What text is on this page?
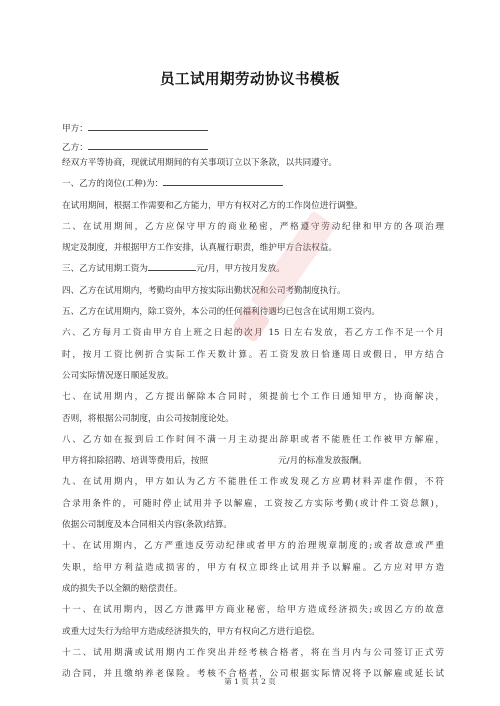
员工试用期劳动协议书模板
甲方：
乙方：
经双方平等协商，现就试用期间的有关事项订立以下条款，以共同遵守。
一、乙方的岗位(工种)为：
在试用期间，根据工作需要和乙方能力，甲方有权对乙方的工作岗位进行调整。
二、在试用期间，乙方应保守甲方的商业秘密，严格遵守劳动纪律和甲方的各项治理
规定及制度，并根据甲方工作安排，认真履行职责，维护甲方合法权益。
三、乙方试用期工资为	元/月，甲方按月发放。
四、乙方在试用期内，考勤均由甲方按实际出勤状况和公司考勤制度执行。
五、乙方在试用期内，除工资外，本公司的任何福利待遇均已包含在试用期工资内。
六、乙方每月工资由甲方自上班之日起的次月 15 日左右发放，若乙方工作不足一个月
时，按月工资比例折合实际工作天数计算。若工资发放日恰逢周日或假日，甲方结合
公司实际情况逐日顺延发放。
七、在试用期内，乙方提出解除本合同时，须提前七个工作日通知甲方，协商解决，
否则，将根据公司制度，由公司按制度论处。
八、乙方如在报到后工作时间不满一月主动提出辞职或者不能胜任工作被甲方解雇，
甲方将扣除招聘、培训等费用后，按照	元/月的标准发放报酬。
九、在试用期内，甲方如认为乙方不能胜任工作或发现乙方应聘材料弄虚作假，不符
合录用条件的，可随时停止试用并予以解雇，工资按乙方实际考勤(或计件工资总额)，
依据公司制度及本合同相关内容(条款)结算。
十、在试用期内，乙方严重违反劳动纪律或者甲方的治理规章制度的;或者故意或严重
失职，给甲方利益造成损害的，甲方有权立即终止试用并予以解雇。乙方应对甲方造
成的损失予以全额的赔偿责任。
十一、在试用期内，因乙方泄露甲方商业秘密，给甲方造成经济损失;或因乙方的故意
或重大过失行为给甲方造成经济损失的，甲方有权向乙方进行追偿。
十二、试用期满或试用期内工作突出并经考核合格者，将在当月内与公司签订正式劳
动合同，并且缴纳养老保险。考核不合格者，公司根据实际情况将予以解雇或延长试
第 1 页 共 2 页
